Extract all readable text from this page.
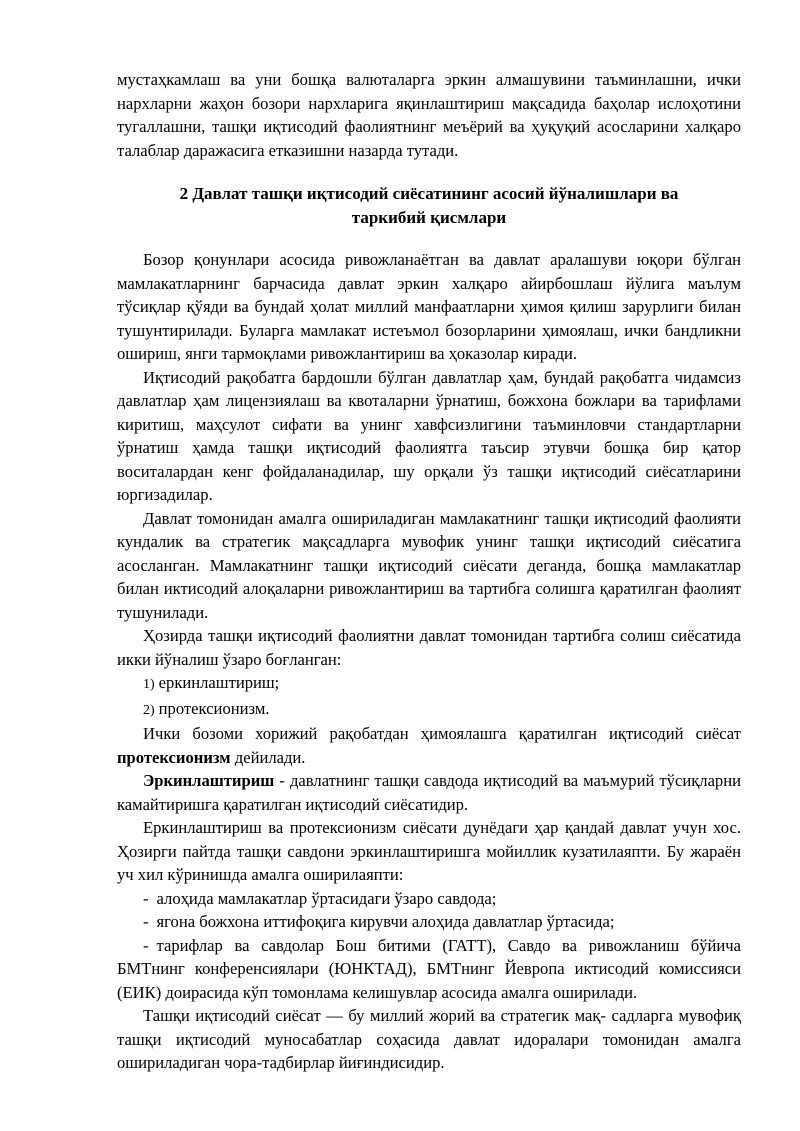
мустаҳкамлаш ва уни бошқа валюталарга эркин алмашувини таъминлашни, ички нархларни жаҳон бозори нархларига яқинлаштириш мақсадида баҳолар ислоҳотини тугаллашни, ташқи иқтисодий фаолиятнинг меъёрий ва ҳуқуқий асосларини халқаро талаблар даражасига етказишни назарда тутади.

2 Давлат ташқи иқтисодий сиёсатининг асосий йўналишлари ва таркибий қисмлари

Бозор қонунлари асосида ривожланаётган ва давлат аралашуви юқори бўлган мамлакатларнинг барчасида давлат эркин халқаро айирбошлаш йўлига маълум тўсиқлар қўяди ва бундай ҳолат миллий манфаатларни ҳимоя қилиш зарурлиги билан тушунтирилади. Буларга мамлакат истеъмол бозорларини ҳимоялаш, ички бандликни ошириш, янги тармоқлами ривожлантириш ва ҳоказолар киради.

Иқтисодий рақобатга бардошли бўлган давлатлар ҳам, бундай рақобатга чидамсиз давлатлар ҳам лицензиялаш ва квоталарни ўрнатиш, божхона божлари ва тарифлами киритиш, маҳсулот сифати ва унинг хавфсизлигини таъминловчи стандартларни ўрнатиш ҳамда ташқи иқтисодий фаолиятга таъсир этувчи бошқа бир қатор воситалардан кенг фойдаланадилар, шу орқали ўз ташқи иқтисодий сиёсатларини юргизадилар.

Давлат томонидан амалга ошириладиган мамлакатнинг ташқи иқтисодий фаолияти кундалик ва стратегик мақсадларга мувофик унинг ташқи иқтисодий сиёсатига асосланган. Мамлакатнинг ташқи иқтисодий сиёсати деганда, бошқа мамлакатлар билан иктисодий алоқаларни ривожлантириш ва тартибга солишга қаратилган фаолият тушунилади.

Ҳозирда ташқи иқтисодий фаолиятни давлат томонидан тартибга солиш сиёсатида икки йўналиш ўзаро боғланган:

1) еркинлаштириш;

2) протексионизм.

Ички бозоми хорижий рақобатдан ҳимоялашга қаратилган иқтисодий сиёсат протексионизм дейилади.

Эркинлаштириш - давлатнинг ташқи савдода иқтисодий ва маъмурий тўсиқларни камайтиришга қаратилган иқтисодий сиёсатидир.

Еркинлаштириш ва протексионизм сиёсати дунёдаги ҳар қандай давлат учун хос. Ҳозирги пайтда ташқи савдони эркинлаштиришга мойиллик кузатилаяпти. Бу жараён уч хил кўринишда амалга оширилаяпти:

- алоҳида мамлакатлар ўртасидаги ўзаро савдода;

- ягона божхона иттифоқига кирувчи алоҳида давлатлар ўртасида;

- тарифлар ва савдолар Бош битими (ГАТТ), Савдо ва ривожланиш бўйича БМТнинг конференсиялари (ЮНКТАД), БМТнинг Йевропа иктисодий комиссияси (ЕИК) доирасида кўп томонлама келишувлар асосида амалга оширилади.

Ташқи иқтисодий сиёсат — бу миллий жорий ва стратегик мақ- садларга мувофиқ ташқи иқтисодий муносабатлар соҳасида давлат идоралари томонидан амалга ошириладиган чора-тадбирлар йиғиндисидир.
